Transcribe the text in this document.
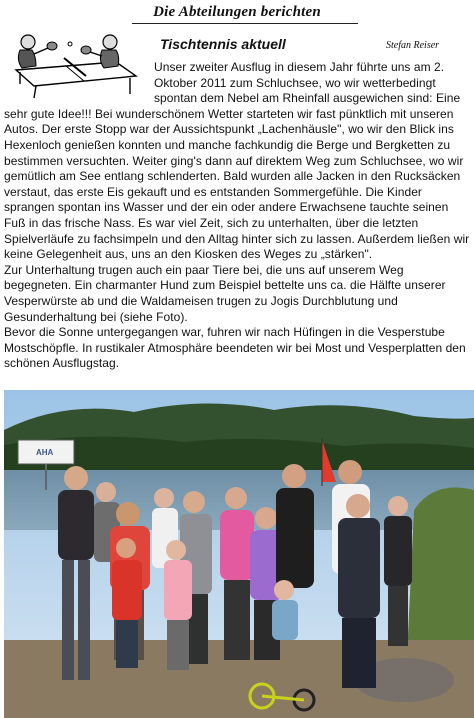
Die Abteilungen berichten
Tischtennis aktuell	Stefan Reiser

Unser zweiter Ausflug in diesem Jahr führte uns am 2. Oktober 2011 zum Schluchsee, wo wir wetterbedingt spontan dem Nebel am Rheinfall ausgewichen sind: Eine sehr gute Idee!!! Bei wunderschönem Wetter starteten wir fast pünktlich mit unseren Autos. Der erste Stopp war der Aussichtspunkt „Lachenhäusle", wo wir den Blick ins Hexenloch genießen konnten und manche fachkundig die Berge und Bergketten zu bestimmen versuchten. Weiter ging's dann auf direktem Weg zum Schluchsee, wo wir gemütlich am See entlang schlenderten. Bald wurden alle Jacken in den Rucksäcken verstaut, das erste Eis gekauft und es entstanden Sommergefühle. Die Kinder sprangen spontan ins Wasser und der ein oder andere Erwachsene tauchte seinen Fuß in das frische Nass. Es war viel Zeit, sich zu unterhalten, über die letzten Spielverläufe zu fachsimpeln und den Alltag hinter sich zu lassen. Außerdem ließen wir keine Gelegenheit aus, uns an den Kiosken des Weges zu „stärken".

Zur Unterhaltung trugen auch ein paar Tiere bei, die uns auf unserem Weg begegneten. Ein charmanter Hund zum Beispiel bettelte uns ca. die Hälfte unserer Vesperwürste ab und die Waldameisen trugen zu Jogis Durchblutung und Gesunderhaltung bei (siehe Foto).

Bevor die Sonne untergegangen war, fuhren wir nach Hüfingen in die Vesperstube Mostschöpfle. In rustikaler Atmosphäre beendeten wir bei Most und Vesperplatten den schönen Ausflugstag.

AHA
